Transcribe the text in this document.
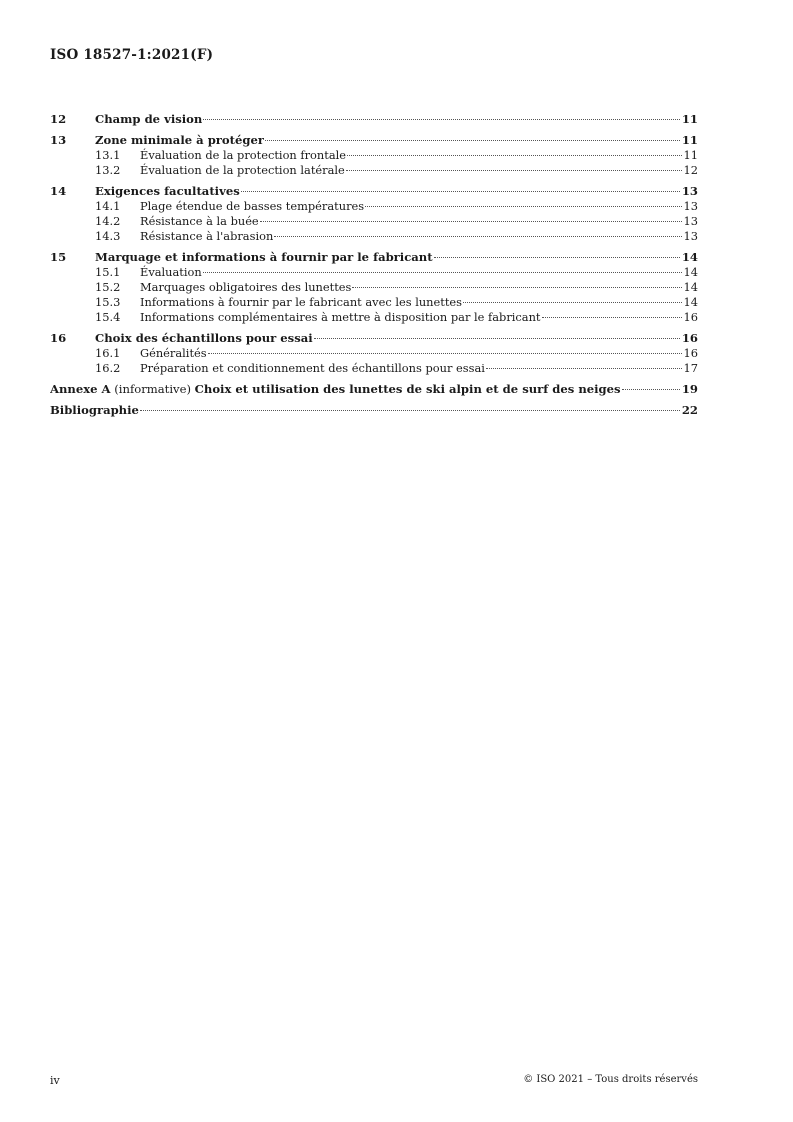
ISO 18527-1:2021(F)
12	Champ de vision	11
13	Zone minimale à protéger	11
13.1	Évaluation de la protection frontale	11
13.2	Évaluation de la protection latérale	12
14	Exigences facultatives	13
14.1	Plage étendue de basses températures	13
14.2	Résistance à la buée	13
14.3	Résistance à l'abrasion	13
15	Marquage et informations à fournir par le fabricant	14
15.1	Évaluation	14
15.2	Marquages obligatoires des lunettes	14
15.3	Informations à fournir par le fabricant avec les lunettes	14
15.4	Informations complémentaires à mettre à disposition par le fabricant	16
16	Choix des échantillons pour essai	16
16.1	Généralités	16
16.2	Préparation et conditionnement des échantillons pour essai	17
Annexe A (informative) Choix et utilisation des lunettes de ski alpin et de surf des neiges	19
Bibliographie	22
iv	© ISO 2021 – Tous droits réservés
